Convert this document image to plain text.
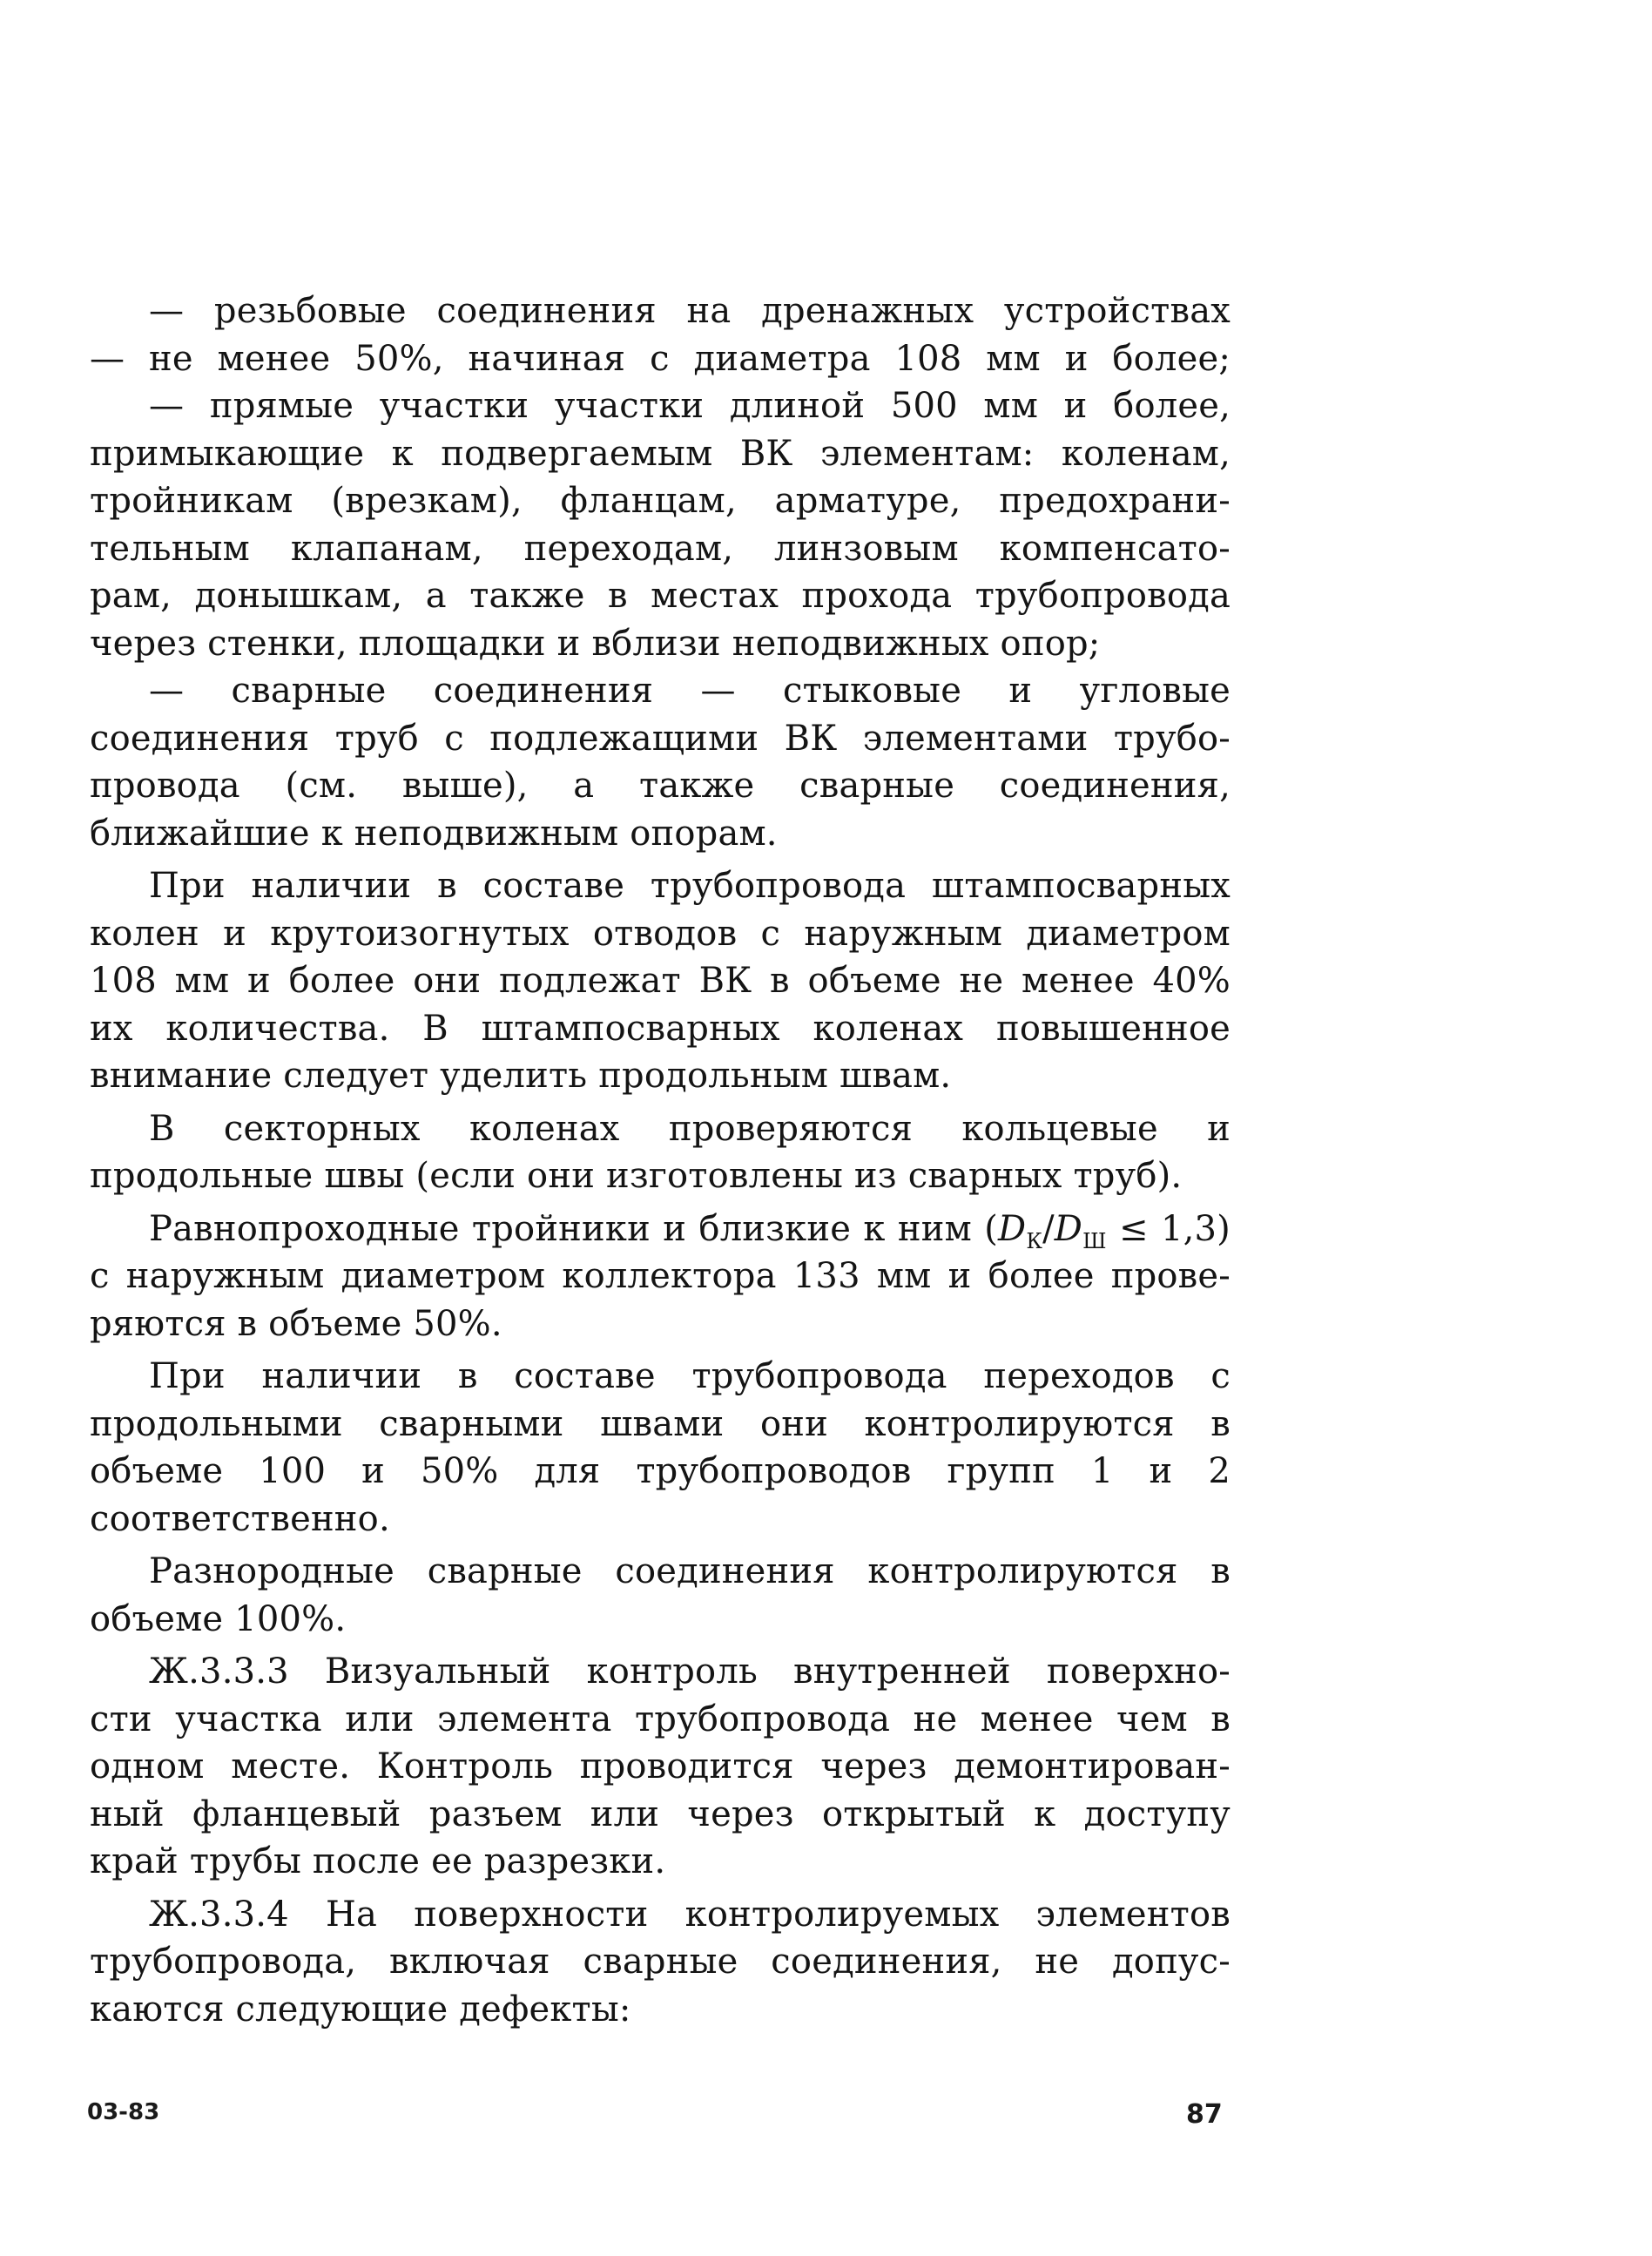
— резьбовые соединения на дренажных устройствах
— не менее 50%, начиная с диаметра 108 мм и более;
— прямые участки участки длиной 500 мм и более,
примыкающие к подвергаемым ВК элементам: коленам,
тройникам (врезкам), фланцам, арматуре, предохрани-
тельным клапанам, переходам, линзовым компенсато-
рам, донышкам, а также в местах прохода трубопровода
через стенки, площадки и вблизи неподвижных опор;
— сварные соединения — стыковые и угловые
соединения труб с подлежащими ВК элементами трубо-
провода (см. выше), а также сварные соединения,
ближайшие к неподвижным опорам.
При наличии в составе трубопровода штампосварных
колен и крутоизогнутых отводов с наружным диаметром
108 мм и более они подлежат ВК в объеме не менее 40%
их количества. В штампосварных коленах повышенное
внимание следует уделить продольным швам.
В секторных коленах проверяются кольцевые и
продольные швы (если они изготовлены из сварных труб).
Равнопроходные тройники и близкие к ним $(D_К/D_Ш \le 1,3)$
с наружным диаметром коллектора 133 мм и более прове-
ряются в объеме 50%.
При наличии в составе трубопровода переходов с
продольными сварными швами они контролируются в
объеме 100 и 50% для трубопроводов групп 1 и 2
соответственно.
Разнородные сварные соединения контролируются в
объеме 100%.
Ж.3.3.3 Визуальный контроль внутренней поверхно-
сти участка или элемента трубопровода не менее чем в
одном месте. Контроль проводится через демонтирован-
ный фланцевый разъем или через открытый к доступу
край трубы после ее разрезки.
Ж.3.3.4 На поверхности контролируемых элементов
трубопровода, включая сварные соединения, не допус-
каются следующие дефекты:
03-83	87
